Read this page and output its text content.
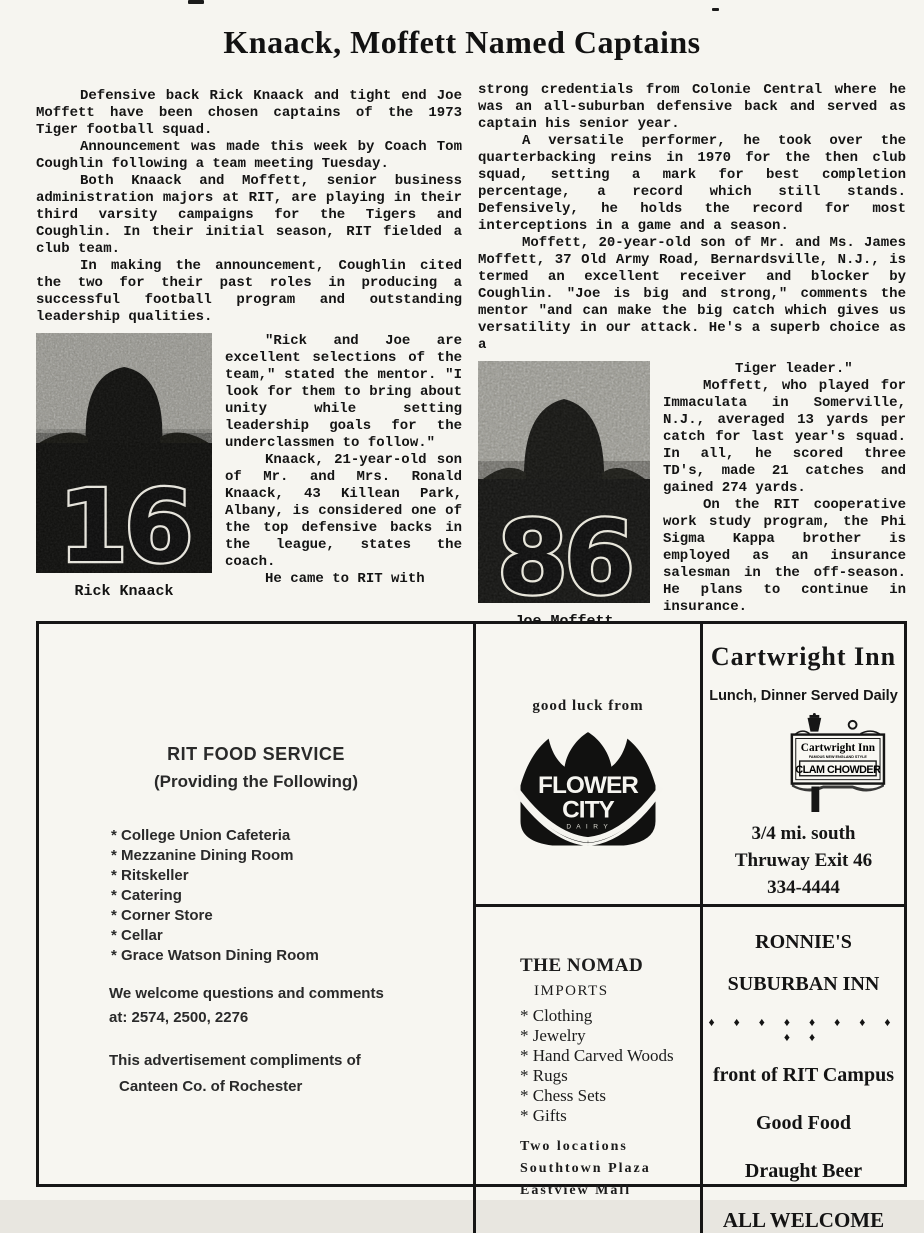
Knaack, Moffett Named Captains

Defensive back Rick Knaack and tight end Joe Moffett have been chosen captains of the 1973 Tiger football squad.

Announcement was made this week by Coach Tom Coughlin following a team meeting Tuesday.

Both Knaack and Moffett, senior business administration majors at RIT, are playing in their third varsity campaigns for the Tigers and Coughlin. In their initial season, RIT fielded a club team.

In making the announcement, Coughlin cited the two for their past roles in producing a successful football program and outstanding leadership qualities.

16
Rick Knaack

"Rick and Joe are excellent selections of the team," stated the mentor. "I look for them to bring about unity while setting leadership goals for the underclassmen to follow."

Knaack, 21-year-old son of Mr. and Mrs. Ronald Knaack, 43 Killean Park, Albany, is considered one of the top defensive backs in the league, states the coach.

He came to RIT with

strong credentials from Colonie Central where he was an all-suburban defensive back and served as captain his senior year.

A versatile performer, he took over the quarterbacking reins in 1970 for the then club squad, setting a mark for best completion percentage, a record which still stands. Defensively, he holds the record for most interceptions in a game and a season.

Moffett, 20-year-old son of Mr. and Ms. James Moffett, 37 Old Army Road, Bernardsville, N.J., is termed an excellent receiver and blocker by Coughlin. "Joe is big and strong," comments the mentor "and can make the big catch which gives us versatility in our attack. He's a superb choice as a

86

Tiger leader."

Moffett, who played for Immaculata in Somerville, N.J., averaged 13 yards per catch for last year's squad. In all, he scored three TD's, made 21 catches and gained 274 yards.

On the RIT cooperative work study program, the Phi Sigma Kappa brother is employed as an insurance salesman in the off-season. He plans to continue in insurance.

RIT FOOD SERVICE
(Providing the Following)
* College Union Cafeteria
* Mezzanine Dining Room
* Ritskeller
* Catering
* Corner Store
* Cellar
* Grace Watson Dining Room
We welcome questions and comments
at: 2574, 2500, 2276
This advertisement compliments of
Canteen Co. of Rochester
good luck from
FLOWER
CITY
D A I R Y
Cartwright Inn
Lunch, Dinner Served Daily
Cartwright Inn
FAMOUS NEW ENGLAND STYLE
CLAM CHOWDER
3/4 mi. south
Thruway Exit 46
334-4444
THE NOMAD
IMPORTS
* Clothing
* Jewelry
* Hand Carved Woods
* Rugs
* Chess Sets
* Gifts
Two locations
Southtown Plaza
Eastview Mall
RONNIE'S
SUBURBAN INN
♦ ♦ ♦ ♦ ♦ ♦ ♦ ♦ ♦ ♦
front of RIT Campus
Good Food
Draught Beer
ALL WELCOME
